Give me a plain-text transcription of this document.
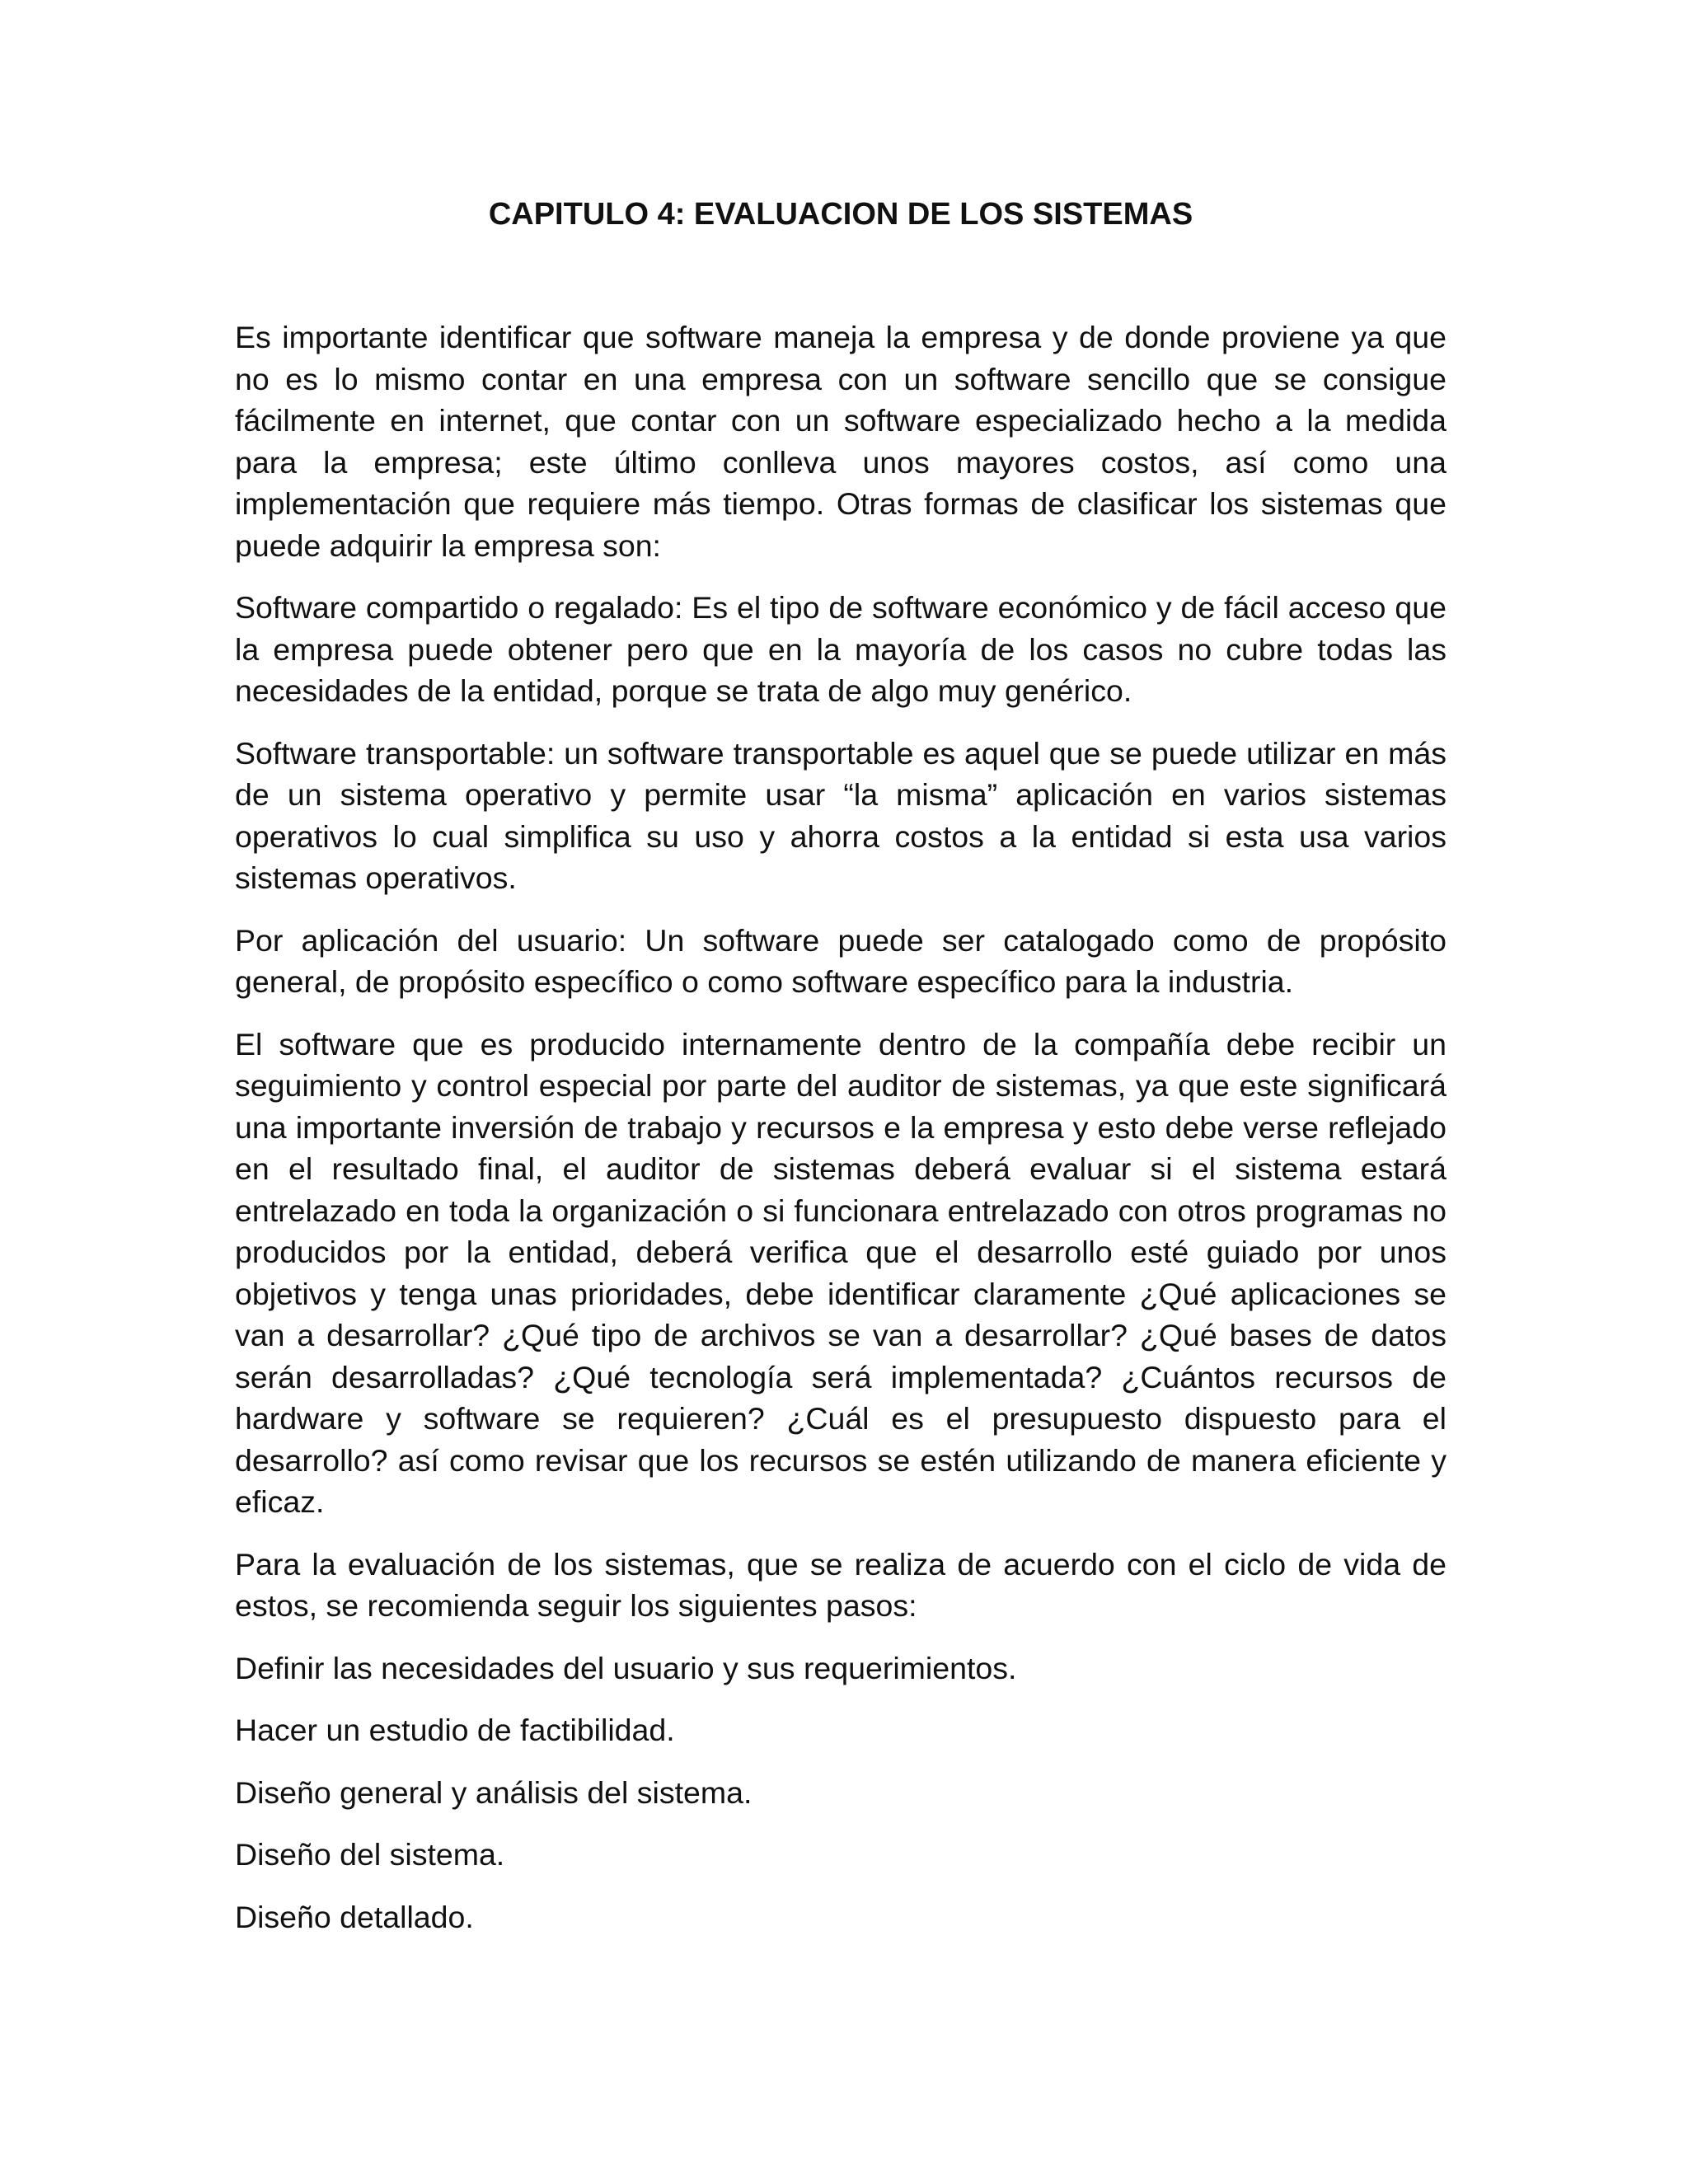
CAPITULO 4: EVALUACION DE LOS SISTEMAS

Es importante identificar que software maneja la empresa y de donde proviene ya que no es lo mismo contar en una empresa con un software sencillo que se consigue fácilmente en internet, que contar con un software especializado hecho a la medida para la empresa; este último conlleva unos mayores costos, así como una implementación que requiere más tiempo. Otras formas de clasificar los sistemas que puede adquirir la empresa son:

Software compartido o regalado: Es el tipo de software económico y de fácil acceso que la empresa puede obtener pero que en la mayoría de los casos no cubre todas las necesidades de la entidad, porque se trata de algo muy genérico.

Software transportable: un software transportable es aquel que se puede utilizar en más de un sistema operativo y permite usar “la misma” aplicación en varios sistemas operativos lo cual simplifica su uso y ahorra costos a la entidad si esta usa varios sistemas operativos.

Por aplicación del usuario: Un software puede ser catalogado como de propósito general, de propósito específico o como software específico para la industria.

El software que es producido internamente dentro de la compañía debe recibir un seguimiento y control especial por parte del auditor de sistemas, ya que este significará una importante inversión de trabajo y recursos e la empresa y esto debe verse reflejado en el resultado final, el auditor de sistemas deberá evaluar si el sistema estará entrelazado en toda la organización o si funcionara entrelazado con otros programas no producidos por la entidad, deberá verifica que el desarrollo esté guiado por unos objetivos y tenga unas prioridades, debe identificar claramente ¿Qué aplicaciones se van a desarrollar? ¿Qué tipo de archivos se van a desarrollar? ¿Qué bases de datos serán desarrolladas? ¿Qué tecnología será implementada? ¿Cuántos recursos de hardware y software se requieren? ¿Cuál es el presupuesto dispuesto para el desarrollo? así como revisar que los recursos se estén utilizando de manera eficiente y eficaz.

Para la evaluación de los sistemas, que se realiza de acuerdo con el ciclo de vida de estos, se recomienda seguir los siguientes pasos:

Definir las necesidades del usuario y sus requerimientos.

Hacer un estudio de factibilidad.

Diseño general y análisis del sistema.

Diseño del sistema.

Diseño detallado.
